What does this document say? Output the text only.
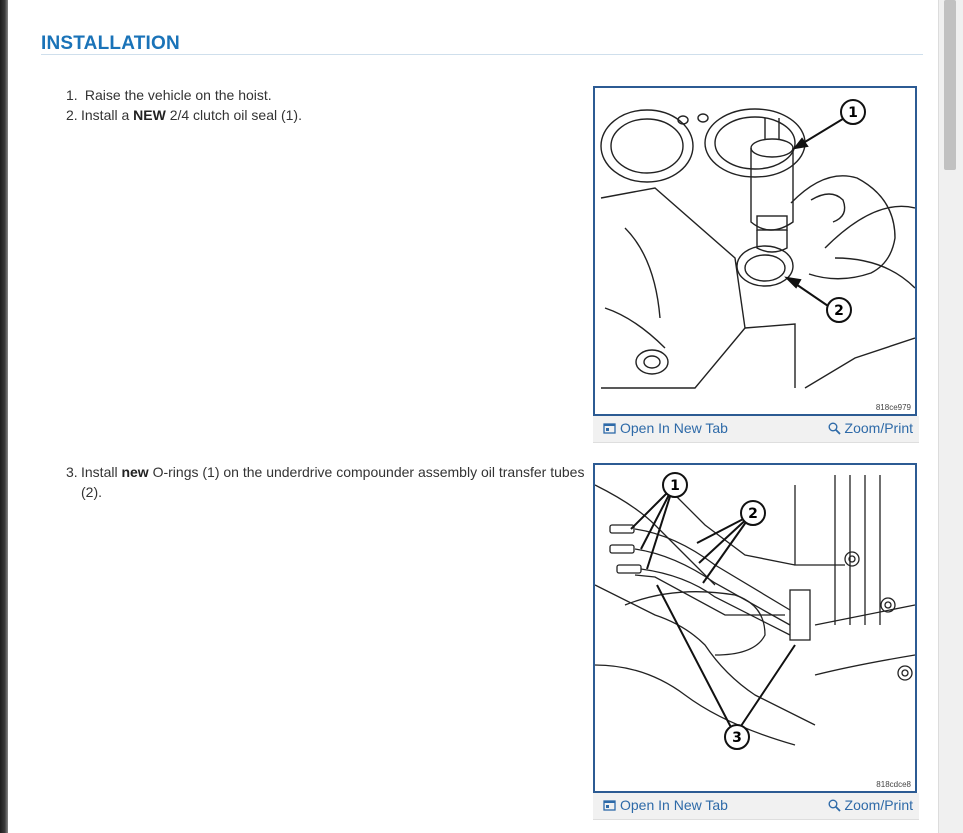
INSTALLATION
1. Raise the vehicle on the hoist.
2. Install a NEW 2/4 clutch oil seal (1).
3. Install new O-rings (1) on the underdrive compounder assembly oil transfer tubes
(2).
1
2
818ce979
Open In New Tab	Zoom/Print
1
2
3
818cdce8
Open In New Tab	Zoom/Print
